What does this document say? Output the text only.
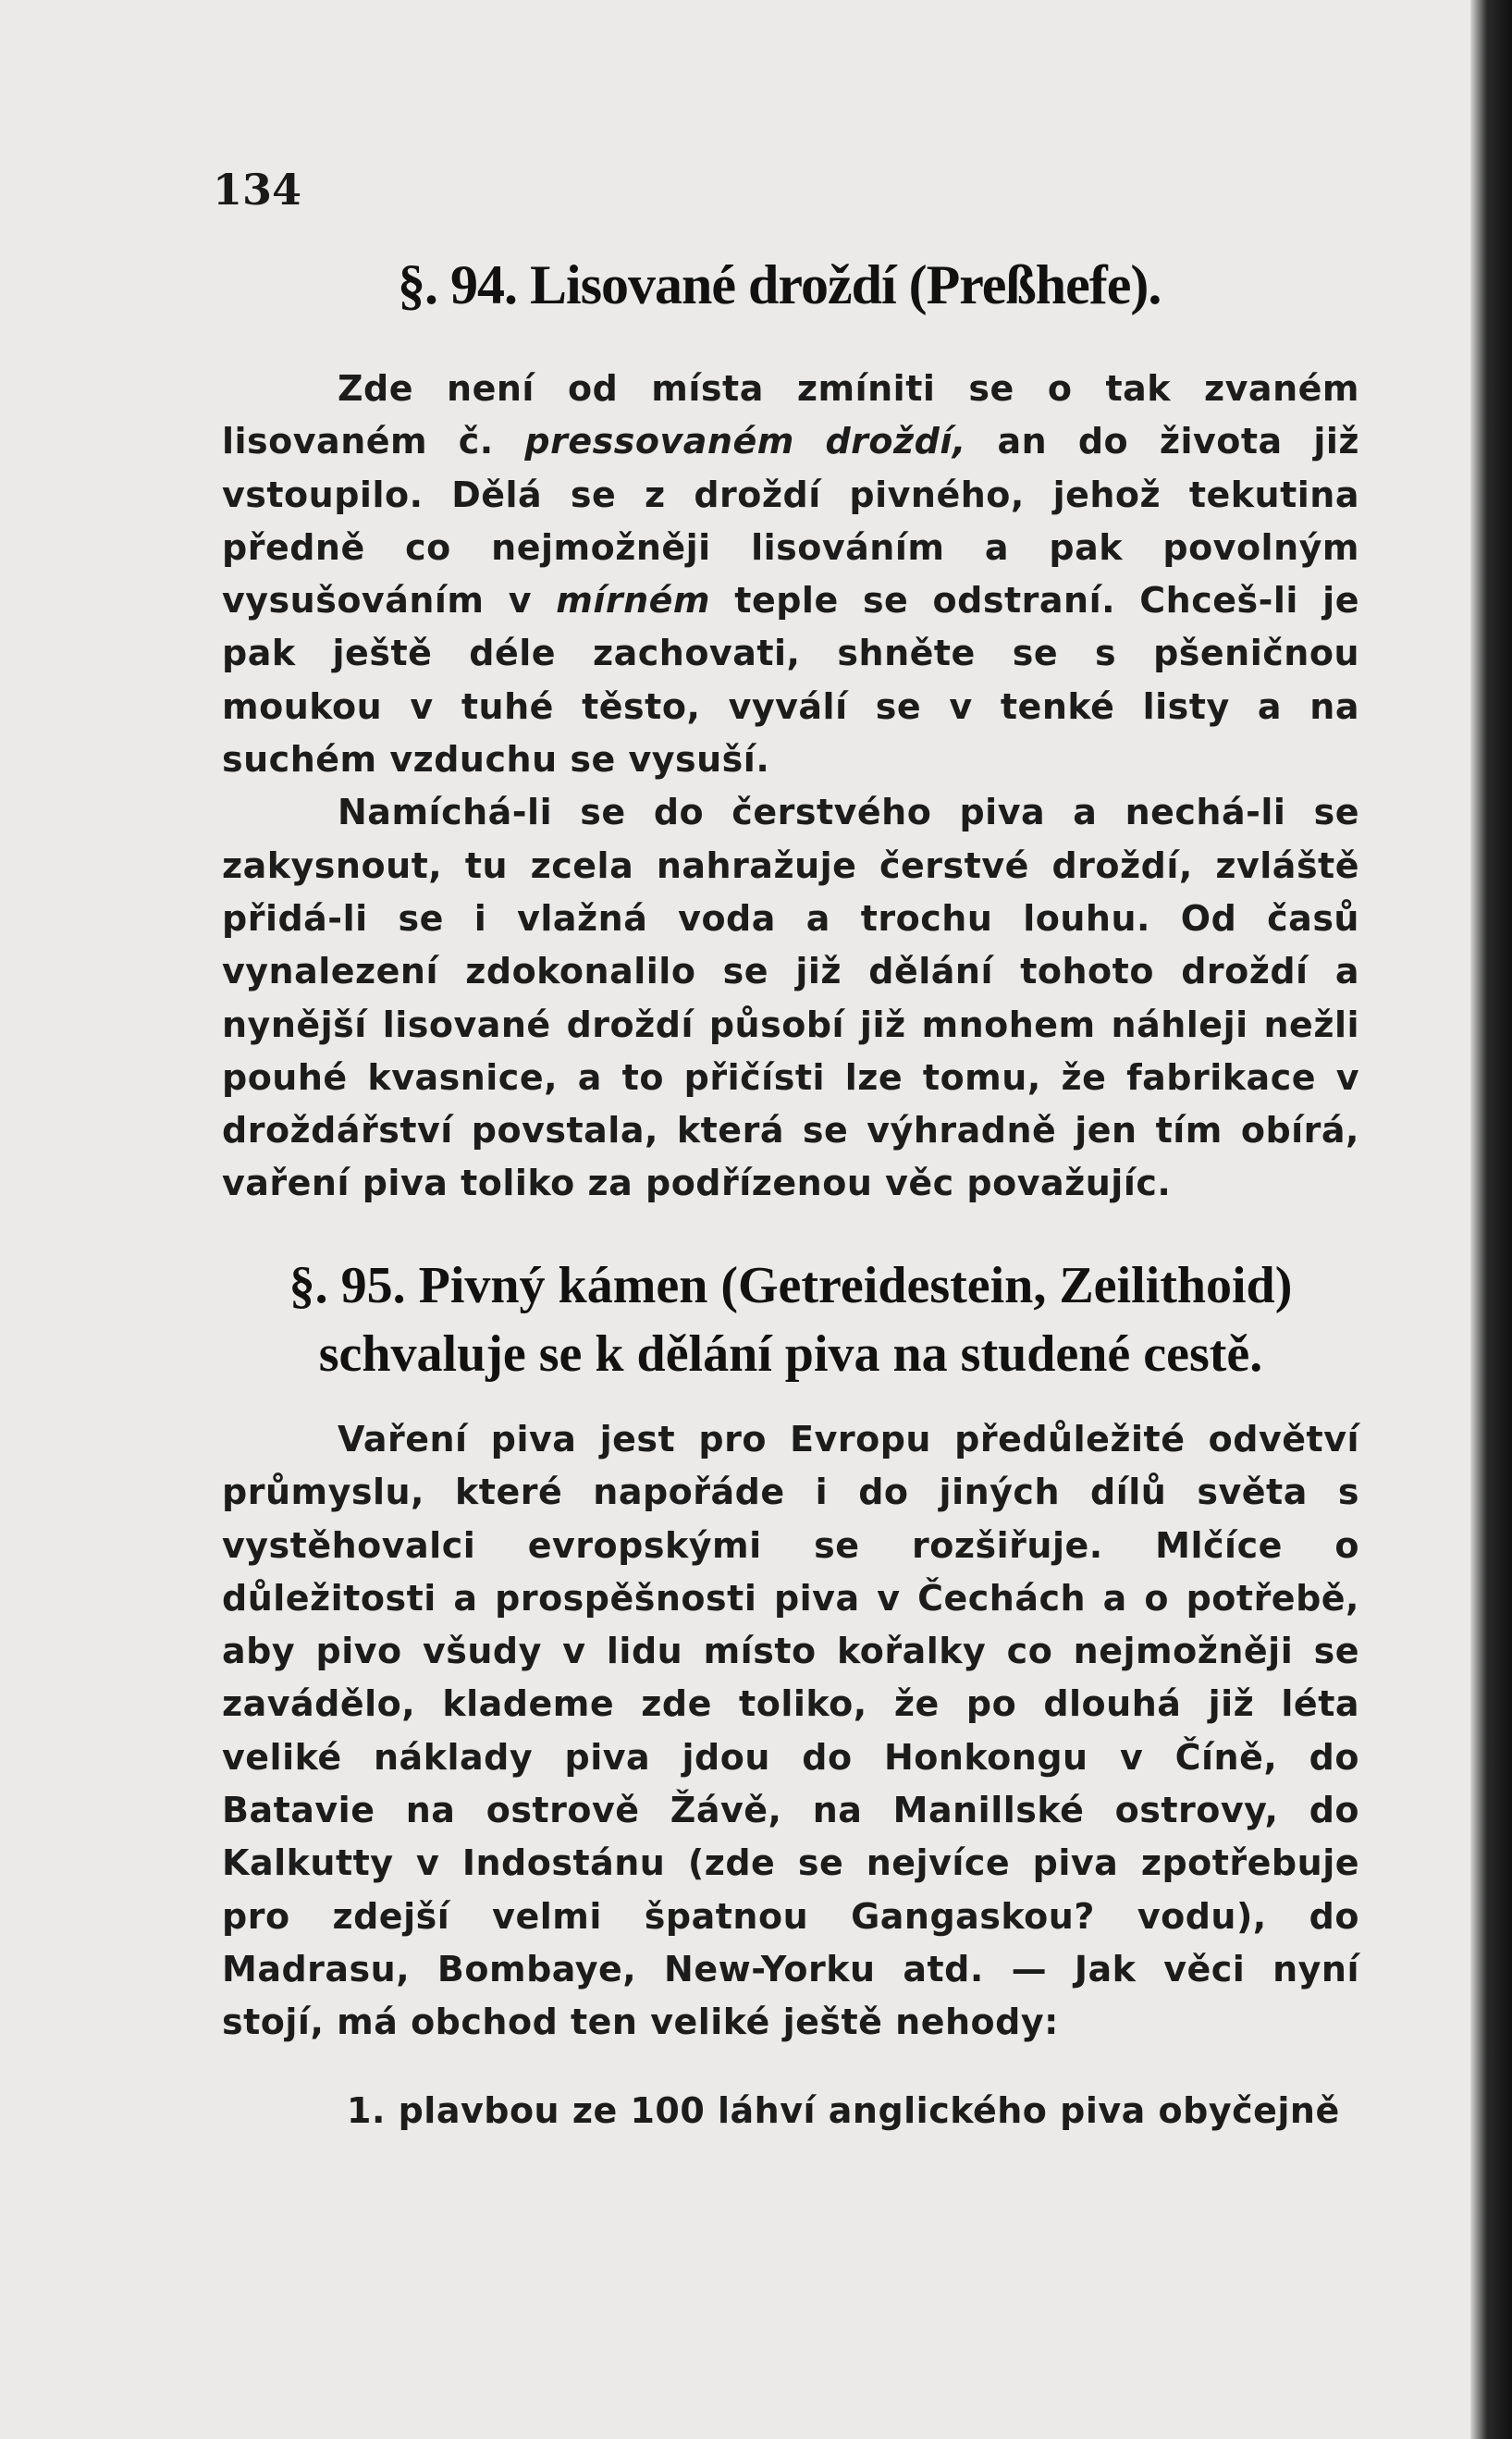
134
§. 94. Lisované droždí (Preßhefe).

Zde není od místa zmíniti se o tak zvaném lisovaném č. pressovaném droždí, an do života již vstoupilo. Dělá se z droždí pivného, jehož tekutina předně co nejmožněji lisováním a pak povolným vysušováním v mírném teple se odstraní. Chceš-li je pak ještě déle zachovati, shněte se s pšeničnou moukou v tuhé těsto, vyválí se v tenké listy a na suchém vzduchu se vysuší.

Namíchá-li se do čerstvého piva a nechá-li se zakysnout, tu zcela nahražuje čerstvé droždí, zvláště přidá-li se i vlažná voda a trochu louhu. Od časů vynalezení zdokonalilo se již dělání tohoto droždí a nynější lisované droždí působí již mnohem náhleji nežli pouhé kvasnice, a to přičísti lze tomu, že fabrikace v droždářství povstala, která se výhradně jen tím obírá, vaření piva toliko za podřízenou věc považujíc.

§. 95. Pivný kámen (Getreidestein, Zeilithoid) schvaluje se k dělání piva na studené cestě.

Vaření piva jest pro Evropu předůležité odvětví průmyslu, které napořáde i do jiných dílů světa s vystěhovalci evropskými se rozšiřuje. Mlčíce o důležitosti a prospěšnosti piva v Čechách a o potřebě, aby pivo všudy v lidu místo kořalky co nejmožněji se zavádělo, klademe zde toliko, že po dlouhá již léta veliké náklady piva jdou do Honkongu v Číně, do Batavie na ostrově Žávě, na Manillské ostrovy, do Kalkutty v Indostánu (zde se nejvíce piva zpotřebuje pro zdejší velmi špatnou Gangaskou? vodu), do Madrasu, Bombaye, New-Yorku atd. — Jak věci nyní stojí, má obchod ten veliké ještě nehody:

1. plavbou ze 100 láhví anglického piva obyčejně
